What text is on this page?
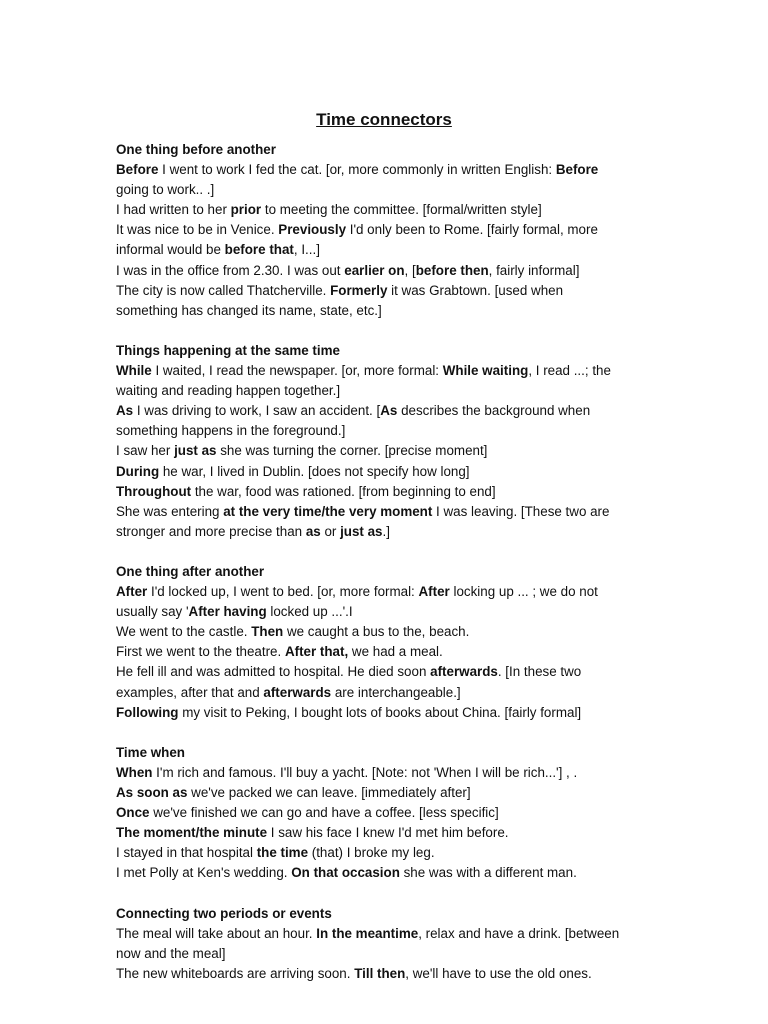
Time connectors
One thing before another
Before I went to work I fed the cat. [or, more commonly in written English: Before
going to work.. .]
I had written to her prior to meeting the committee. [formal/written style]
It was nice to be in Venice. Previously I'd only been to Rome. [fairly formal, more
informal would be before that, I...]
I was in the office from 2.30. I was out earlier on, [before then, fairly informal]
The city is now called Thatcherville. Formerly it was Grabtown. [used when
something has changed its name, state, etc.]
Things happening at the same time
While I waited, I read the newspaper. [or, more formal: While waiting, I read ...; the
waiting and reading happen together.]
As I was driving to work, I saw an accident. [As describes the background when
something happens in the foreground.]
I saw her just as she was turning the corner. [precise moment]
During he war, I lived in Dublin. [does not specify how long]
Throughout the war, food was rationed. [from beginning to end]
She was entering at the very time/the very moment I was leaving. [These two are
stronger and more precise than as or just as.]
One thing after another
After I'd locked up, I went to bed. [or, more formal: After locking up ... ; we do not
usually say 'After having locked up ...'.I
We went to the castle. Then we caught a bus to the, beach.
First we went to the theatre. After that, we had a meal.
He fell ill and was admitted to hospital. He died soon afterwards. [In these two
examples, after that and afterwards are interchangeable.]
Following my visit to Peking, I bought lots of books about China. [fairly formal]
Time when
When I'm rich and famous. I'll buy a yacht. [Note: not 'When I will be rich...'] , .
As soon as we've packed we can leave. [immediately after]
Once we've finished we can go and have a coffee. [less specific]
The moment/the minute I saw his face I knew I'd met him before.
I stayed in that hospital the time (that) I broke my leg.
I met Polly at Ken's wedding. On that occasion she was with a different man.
Connecting two periods or events
The meal will take about an hour. In the meantime, relax and have a drink. [between
now and the meal]
The new whiteboards are arriving soon. Till then, we'll have to use the old ones.
